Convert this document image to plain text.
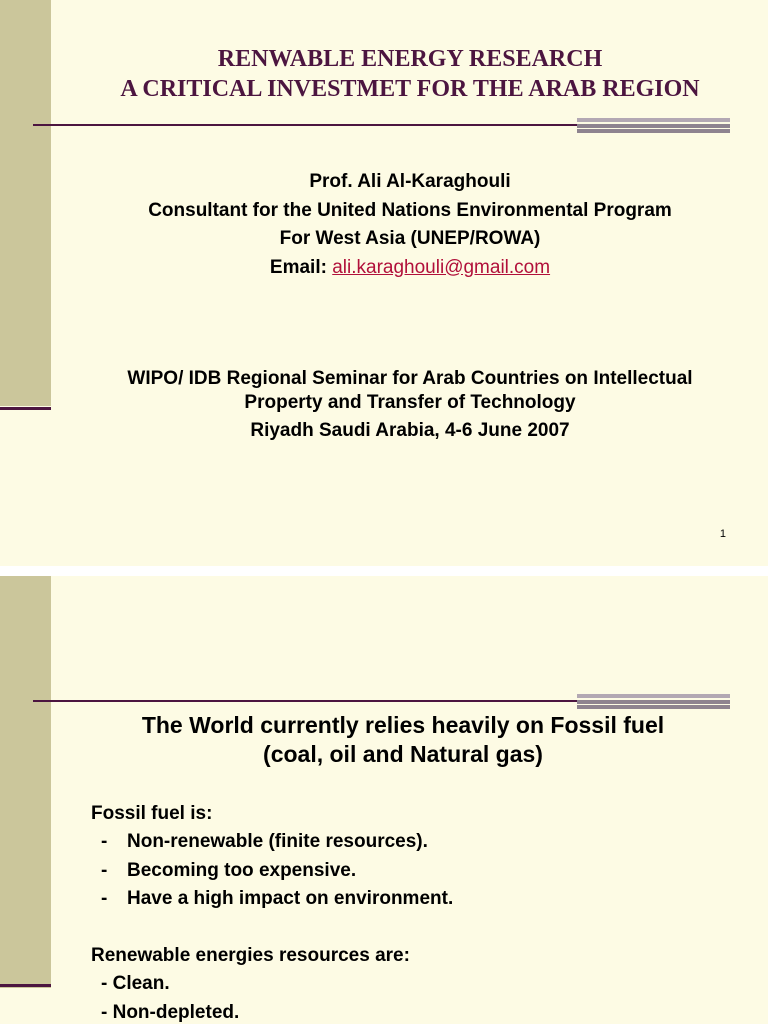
RENWABLE ENERGY RESEARCH
A CRITICAL INVESTMET FOR THE ARAB REGION
Prof. Ali Al-Karaghouli
Consultant for the United Nations Environmental Program
For West Asia (UNEP/ROWA)
Email: ali.karaghouli@gmail.com
WIPO/ IDB Regional Seminar for Arab Countries on Intellectual
Property and Transfer of Technology
Riyadh Saudi Arabia, 4-6 June 2007
1
The World currently relies heavily on Fossil fuel
(coal, oil and Natural gas)
Fossil fuel is:
- Non-renewable (finite resources).
- Becoming too expensive.
- Have a high impact on environment.
Renewable energies resources are:
- Clean.
- Non-depleted.
